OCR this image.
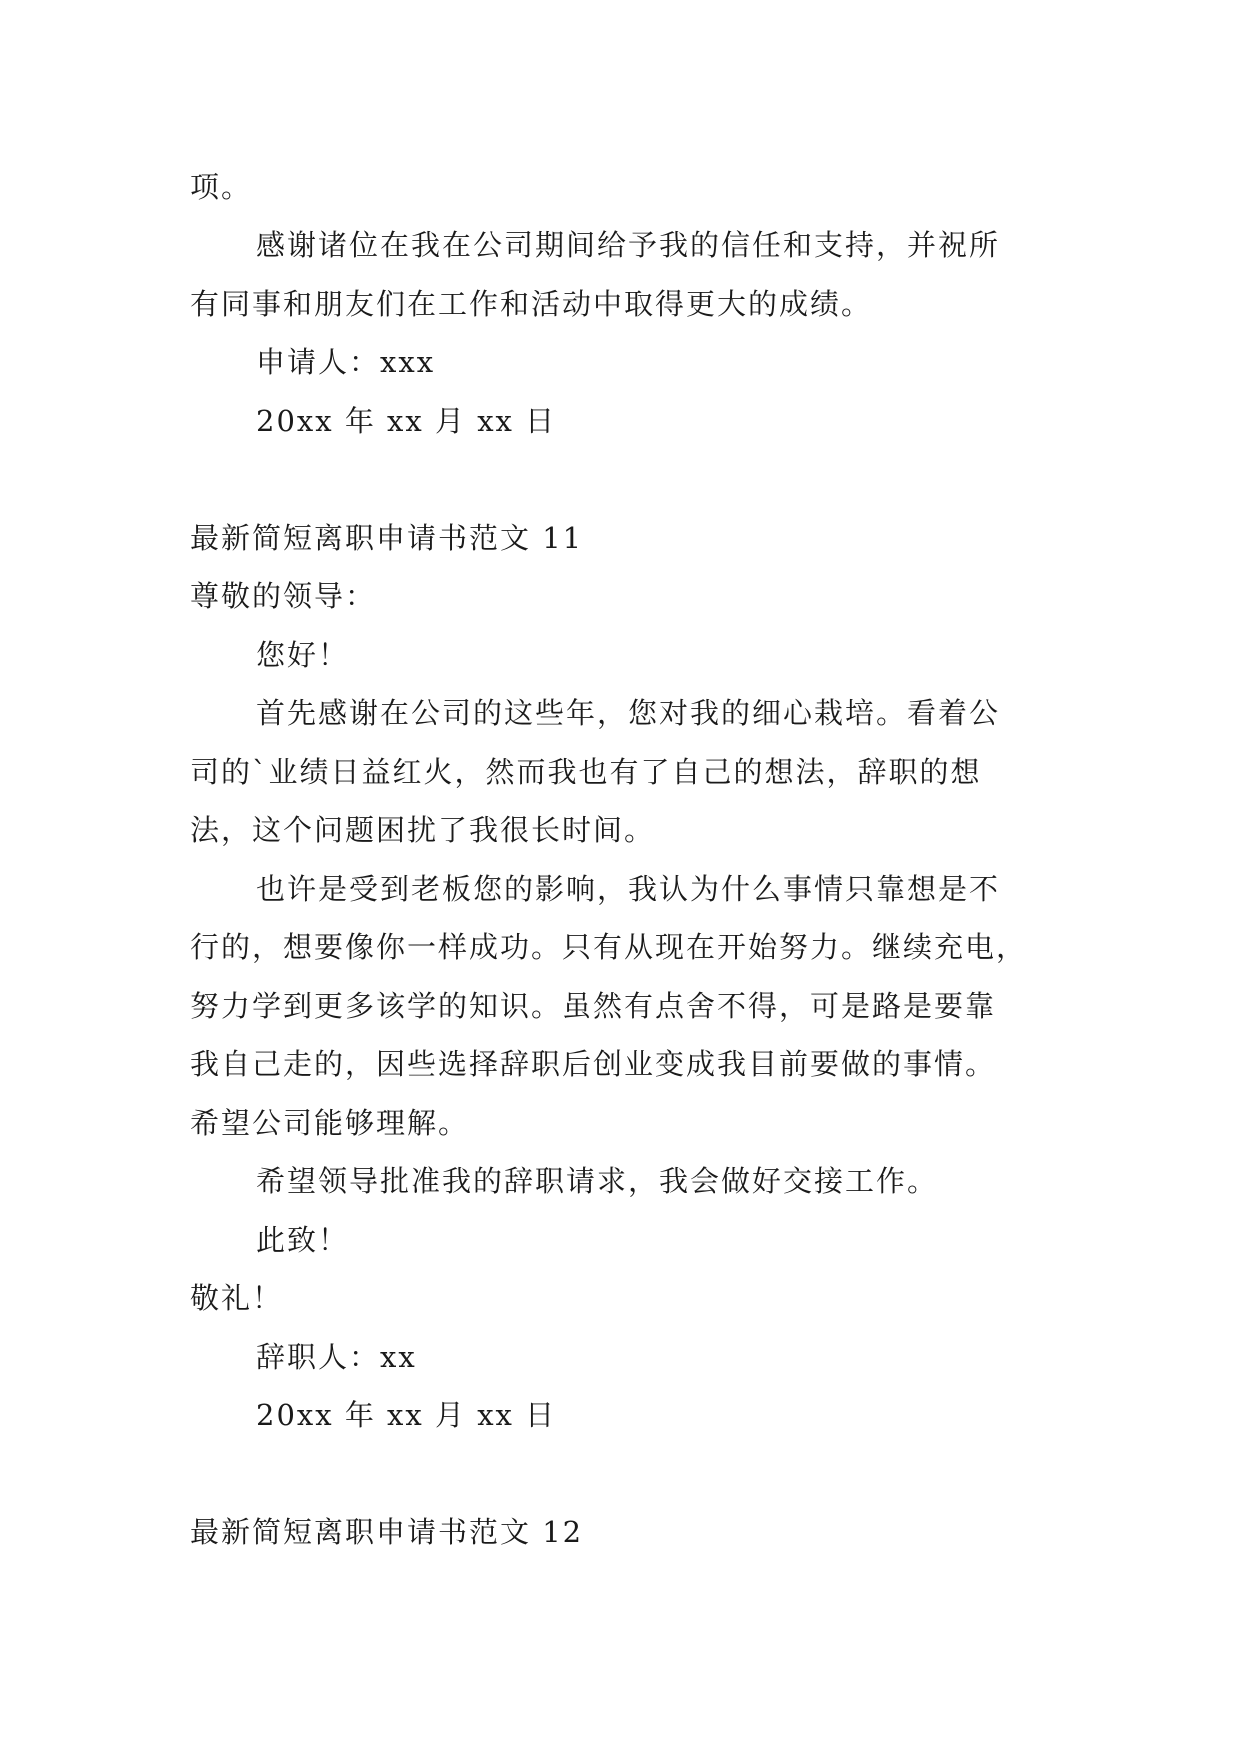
项。
感谢诸位在我在公司期间给予我的信任和支持，并祝所
有同事和朋友们在工作和活动中取得更大的成绩。
申请人：xxx
20xx 年 xx 月 xx 日
最新简短离职申请书范文 11
尊敬的领导：
您好！
首先感谢在公司的这些年，您对我的细心栽培。看着公
司的`业绩日益红火，然而我也有了自己的想法，辞职的想
法，这个问题困扰了我很长时间。
也许是受到老板您的影响，我认为什么事情只靠想是不
行的，想要像你一样成功。只有从现在开始努力。继续充电，
努力学到更多该学的知识。虽然有点舍不得，可是路是要靠
我自己走的，因些选择辞职后创业变成我目前要做的事情。
希望公司能够理解。
希望领导批准我的辞职请求，我会做好交接工作。
此致！
敬礼！
辞职人：xx
20xx 年 xx 月 xx 日
最新简短离职申请书范文 12
